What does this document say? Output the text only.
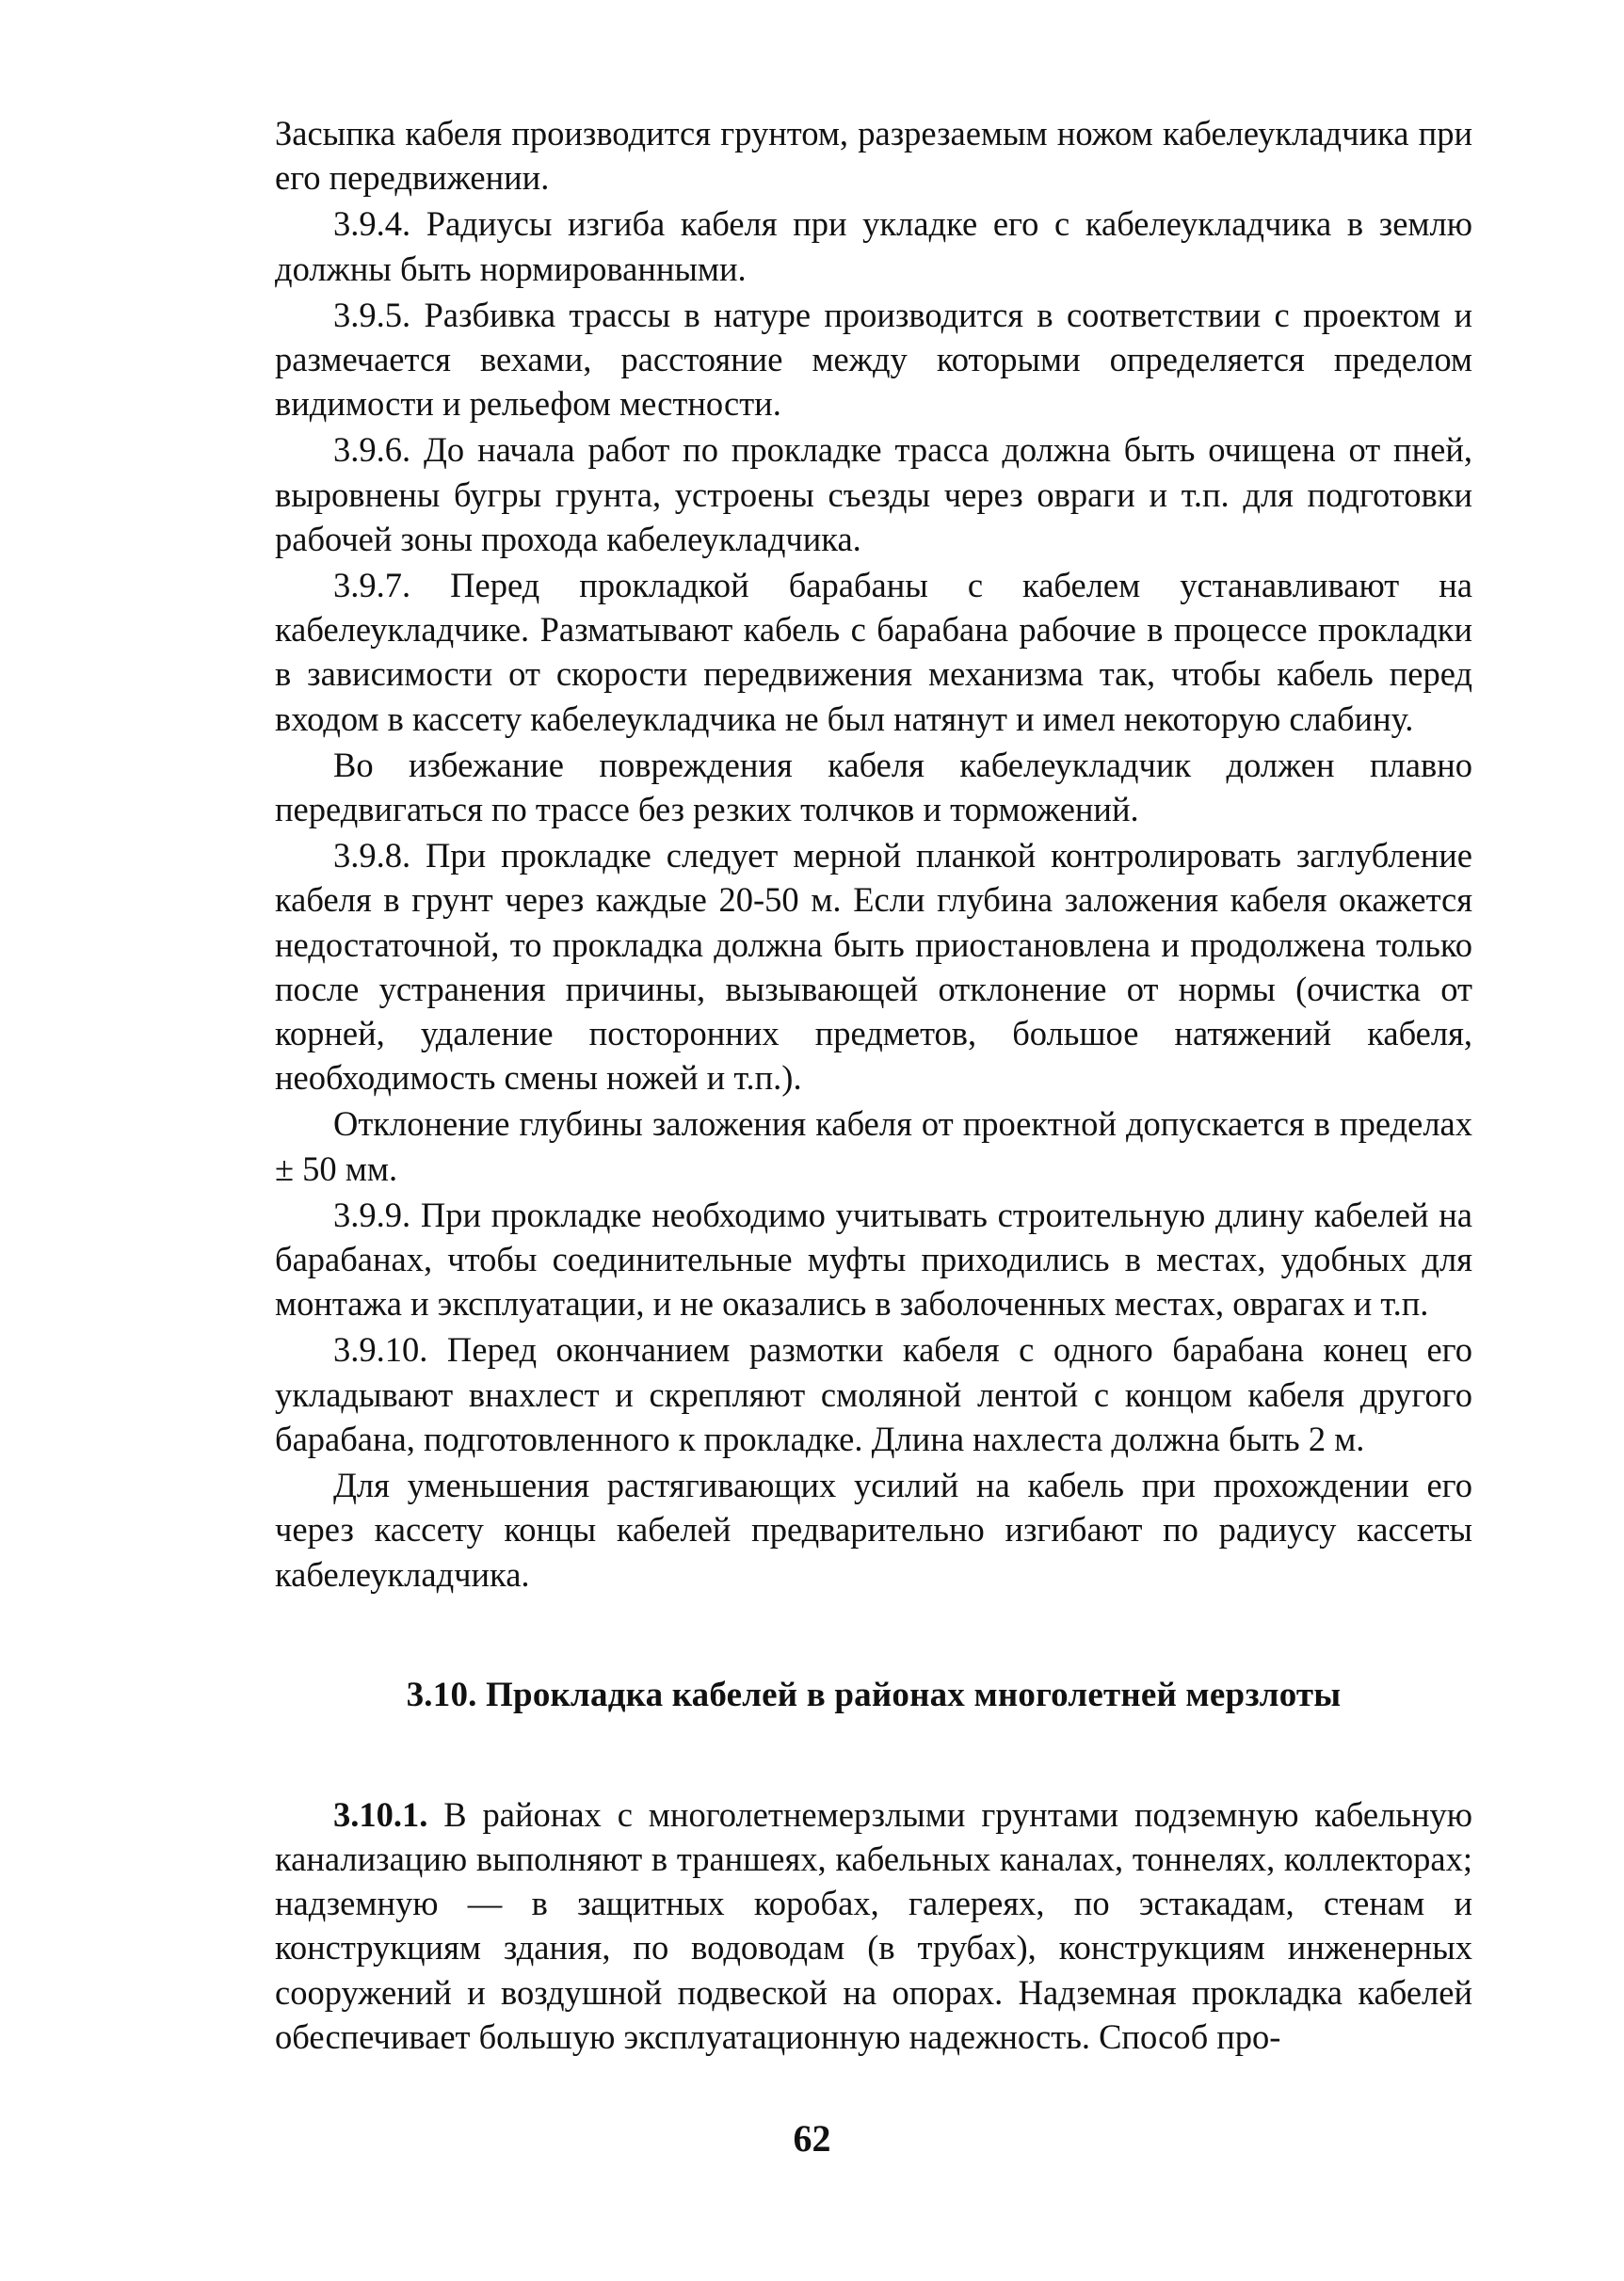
Засыпка кабеля производится грунтом, разрезаемым ножом кабелеукладчика при его передвижении.

3.9.4. Радиусы изгиба кабеля при укладке его с кабелеукладчика в землю должны быть нормированными.

3.9.5. Разбивка трассы в натуре производится в соответствии с проектом и размечается вехами, расстояние между которыми определяется пределом видимости и рельефом местности.

3.9.6. До начала работ по прокладке трасса должна быть очищена от пней, выровнены бугры грунта, устроены съезды через овраги и т.п. для подготовки рабочей зоны прохода кабелеукладчика.

3.9.7. Перед прокладкой барабаны с кабелем устанавливают на кабелеукладчике. Разматывают кабель с барабана рабочие в процессе прокладки в зависимости от скорости передвижения механизма так, чтобы кабель перед входом в кассету кабелеукладчика не был натянут и имел некоторую слабину.

Во избежание повреждения кабеля кабелеукладчик должен плавно передвигаться по трассе без резких толчков и торможений.

3.9.8. При прокладке следует мерной планкой контролировать заглубление кабеля в грунт через каждые 20-50 м. Если глубина заложения кабеля окажется недостаточной, то прокладка должна быть приостановлена и продолжена только после устранения причины, вызывающей отклонение от нормы (очистка от корней, удаление посторонних предметов, большое натяжений кабеля, необходимость смены ножей и т.п.).

Отклонение глубины заложения кабеля от проектной допускается в пределах ± 50 мм.

3.9.9. При прокладке необходимо учитывать строительную длину кабелей на барабанах, чтобы соединительные муфты приходились в местах, удобных для монтажа и эксплуатации, и не оказались в заболоченных местах, оврагах и т.п.

3.9.10. Перед окончанием размотки кабеля с одного барабана конец его укладывают внахлест и скрепляют смоляной лентой с концом кабеля другого барабана, подготовленного к прокладке. Длина нахлеста должна быть 2 м.

Для уменьшения растягивающих усилий на кабель при прохождении его через кассету концы кабелей предварительно изгибают по радиусу кассеты кабелеукладчика.

3.10. Прокладка кабелей в районах многолетней мерзлоты

3.10.1. В районах с многолетнемерзлыми грунтами подземную кабельную канализацию выполняют в траншеях, кабельных каналах, тоннелях, коллекторах; надземную — в защитных коробах, галереях, по эстакадам, стенам и конструкциям здания, по водоводам (в трубах), конструкциям инженерных сооружений и воздушной подвеской на опорах. Надземная прокладка кабелей обеспечивает большую эксплуатационную надежность. Способ про-

62
